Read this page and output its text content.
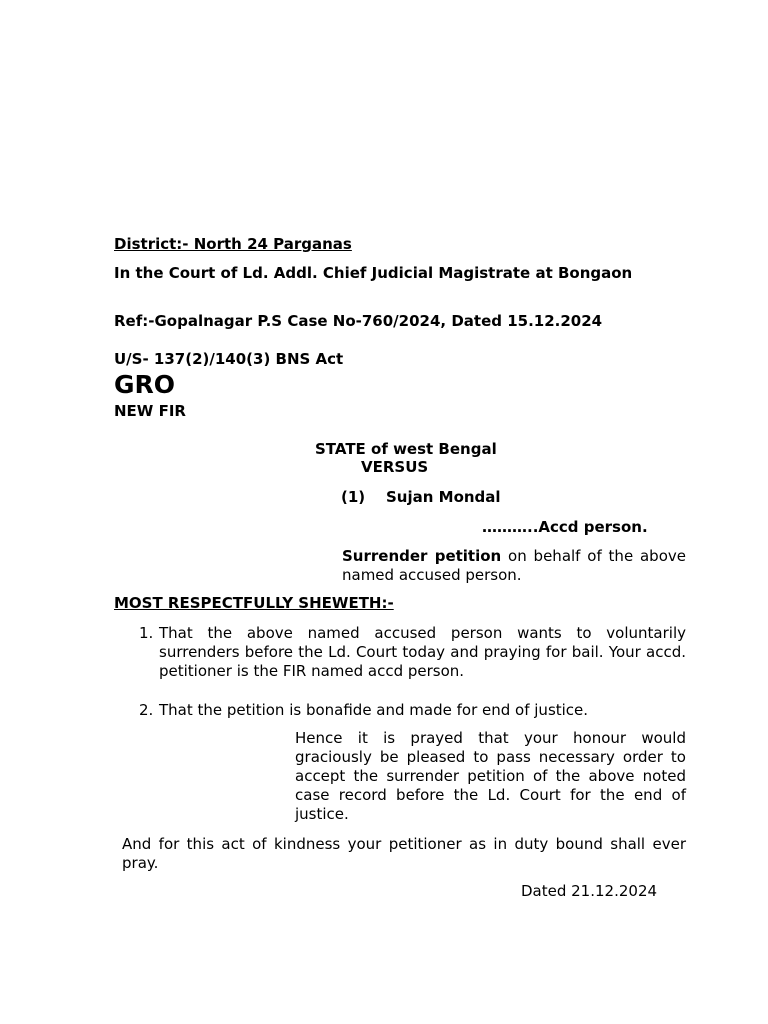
District:- North 24 Parganas
In the Court of Ld. Addl. Chief Judicial Magistrate at Bongaon
Ref:-Gopalnagar P.S Case No-760/2024, Dated 15.12.2024
U/S- 137(2)/140(3) BNS Act
GRO
NEW FIR
STATE of west Bengal
VERSUS
(1) Sujan Mondal
………..Accd person.
Surrender petition on behalf of the above named accused person.
MOST RESPECTFULLY SHEWETH:-
1. That the above named accused person wants to voluntarily surrenders before the Ld. Court today and praying for bail. Your accd. petitioner is the FIR named accd person.
2. That the petition is bonafide and made for end of justice.
Hence it is prayed that your honour would graciously be pleased to pass necessary order to accept the surrender petition of the above noted case record before the Ld. Court for the end of justice.
And for this act of kindness your petitioner as in duty bound shall ever pray.
Dated 21.12.2024
